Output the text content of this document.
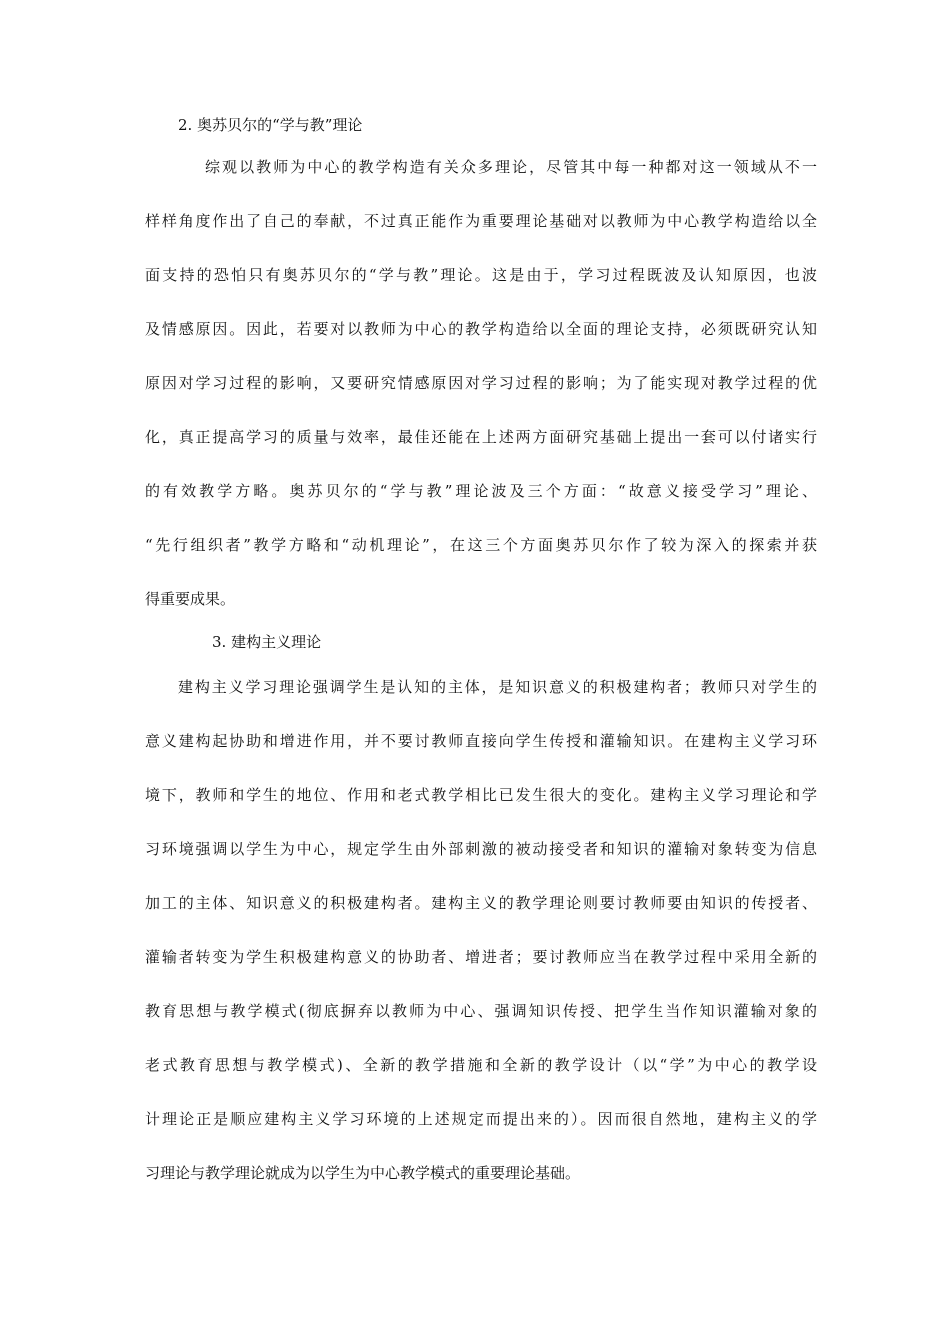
2. 奥苏贝尔的“学与教”理论

综观以教师为中心的教学构造有关众多理论，尽管其中每一种都对这一领域从不一

样样角度作出了自己的奉献，不过真正能作为重要理论基础对以教师为中心教学构造给以全

面支持的恐怕只有奥苏贝尔的“学与教”理论。这是由于，学习过程既波及认知原因，也波

及情感原因。因此，若要对以教师为中心的教学构造给以全面的理论支持，必须既研究认知

原因对学习过程的影响，又要研究情感原因对学习过程的影响；为了能实现对教学过程的优

化，真正提高学习的质量与效率，最佳还能在上述两方面研究基础上提出一套可以付诸实行

的有效教学方略。奥苏贝尔的“学与教”理论波及三个方面：“故意义接受学习”理论、

“先行组织者”教学方略和“动机理论”，在这三个方面奥苏贝尔作了较为深入的探索并获

得重要成果。

3. 建构主义理论

建构主义学习理论强调学生是认知的主体，是知识意义的积极建构者；教师只对学生的

意义建构起协助和增进作用，并不要讨教师直接向学生传授和灌输知识。在建构主义学习环

境下，教师和学生的地位、作用和老式教学相比已发生很大的变化。建构主义学习理论和学

习环境强调以学生为中心，规定学生由外部刺激的被动接受者和知识的灌输对象转变为信息

加工的主体、知识意义的积极建构者。建构主义的教学理论则要讨教师要由知识的传授者、

灌输者转变为学生积极建构意义的协助者、增进者；要讨教师应当在教学过程中采用全新的

教育思想与教学模式(彻底摒弃以教师为中心、强调知识传授、把学生当作知识灌输对象的

老式教育思想与教学模式)、全新的教学措施和全新的教学设计（以“学”为中心的教学设

计理论正是顺应建构主义学习环境的上述规定而提出来的）。因而很自然地，建构主义的学

习理论与教学理论就成为以学生为中心教学模式的重要理论基础。
